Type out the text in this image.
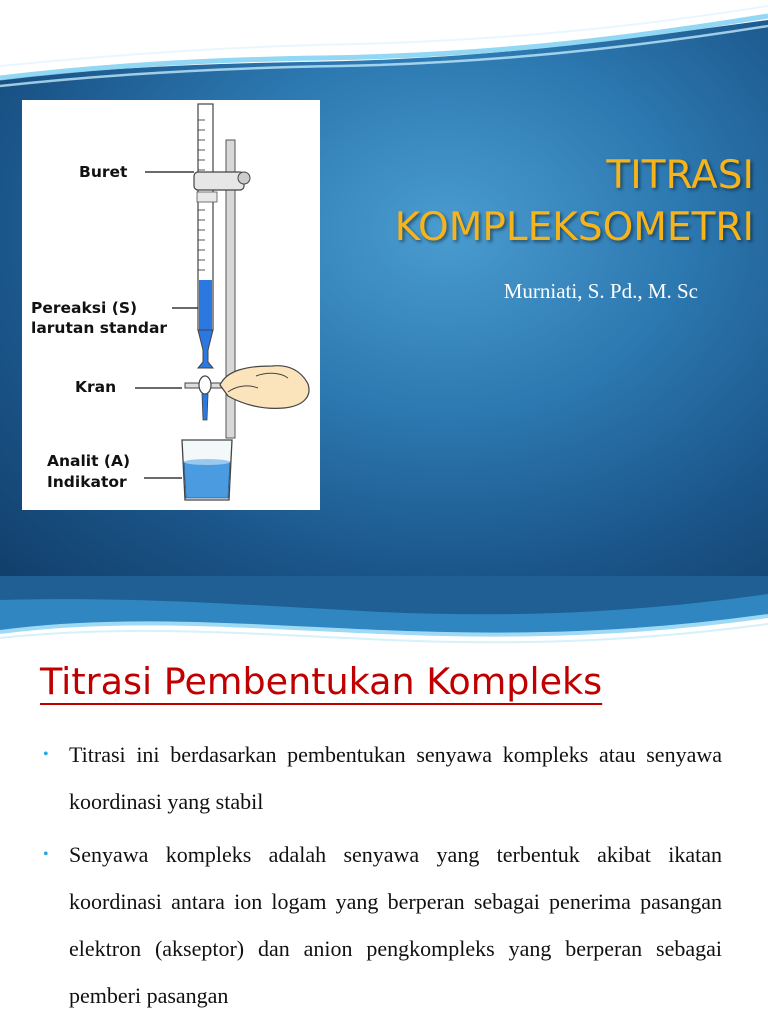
Buret
Pereaksi (S)
larutan standar
Kran
Analit (A)
Indikator
TITRASI
KOMPLEKSOMETRI
Murniati, S. Pd., M. Sc
Titrasi Pembentukan Kompleks
• Titrasi ini berdasarkan pembentukan senyawa kompleks atau senyawa koordinasi yang stabil
• Senyawa kompleks adalah senyawa yang terbentuk akibat ikatan koordinasi antara ion logam yang berperan sebagai penerima pasangan elektron (akseptor) dan anion pengkompleks yang berperan sebagai pemberi pasangan
